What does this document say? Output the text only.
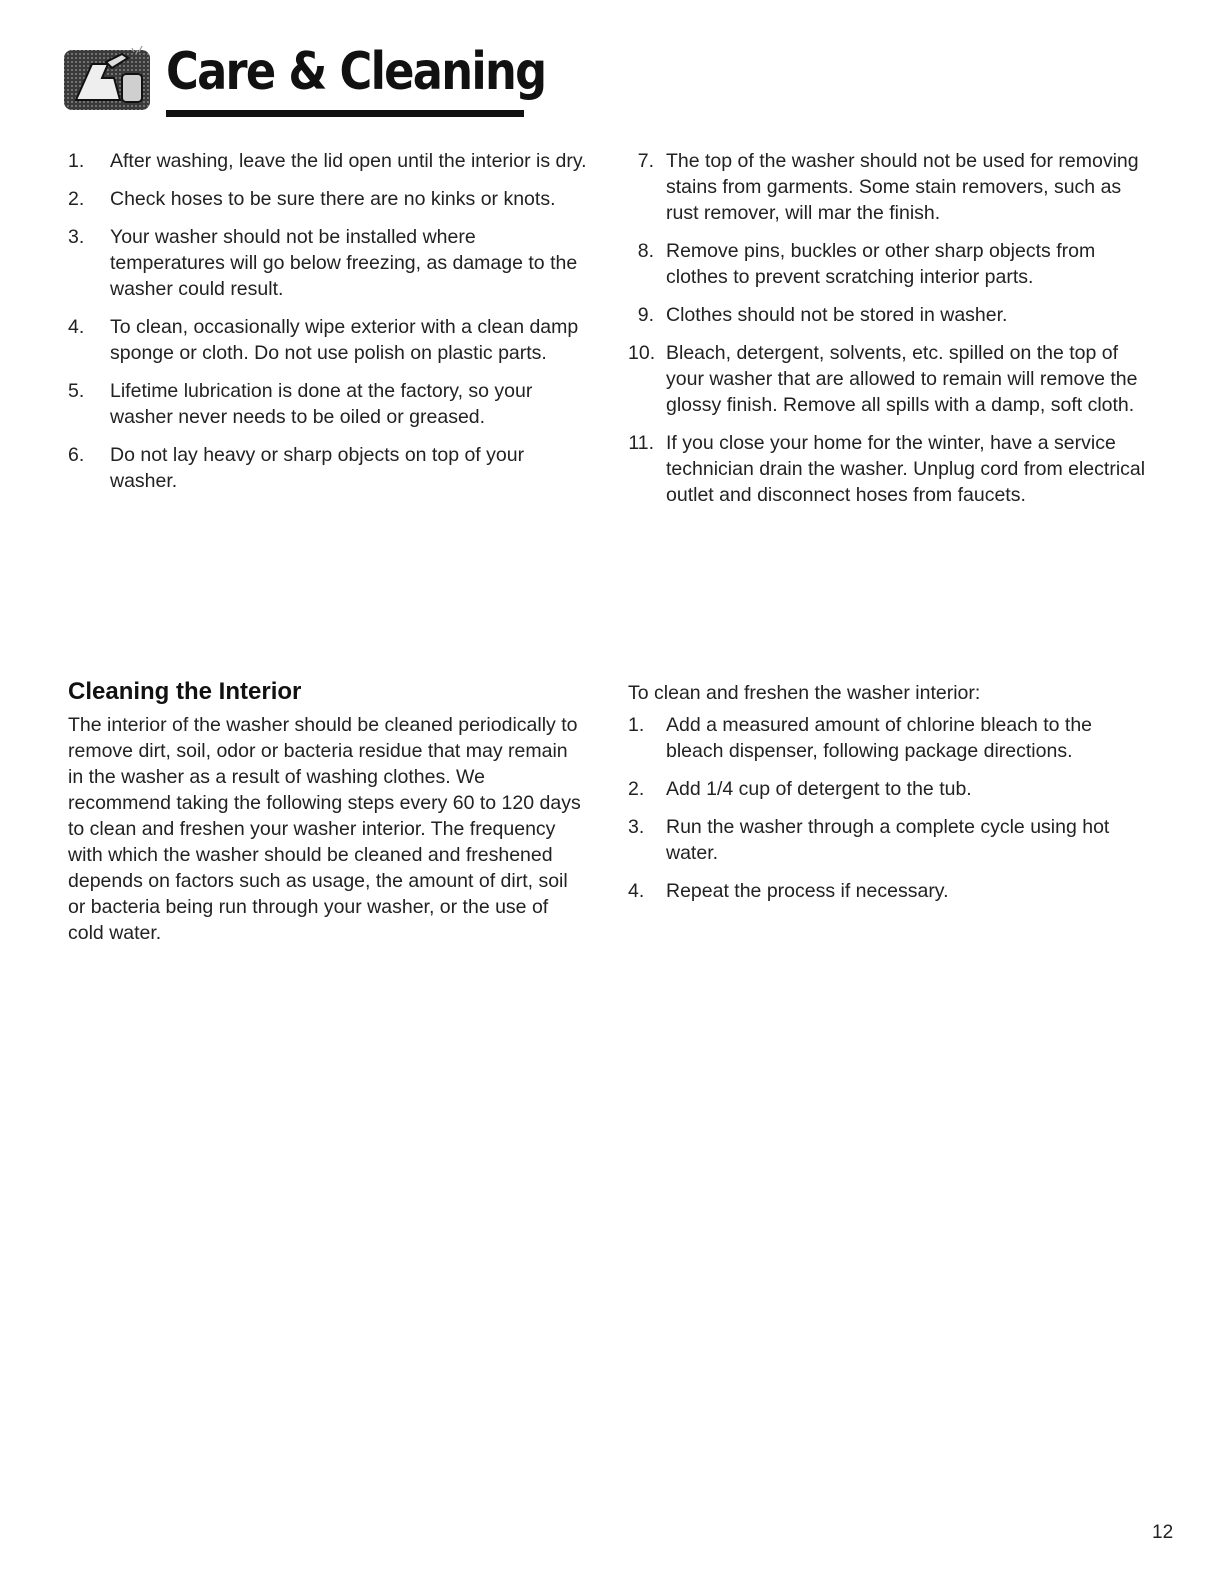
Care & Cleaning
1.	After washing, leave the lid open until the interior is dry.
2.	Check hoses to be sure there are no kinks or knots.
3.	Your washer should not be installed where temperatures will go below freezing, as damage to the washer could result.
4.	To clean, occasionally wipe exterior with a clean damp sponge or cloth. Do not use polish on plastic parts.
5.	Lifetime lubrication is done at the factory, so your washer never needs to be oiled or greased.
6.	Do not lay heavy or sharp objects on top of your washer.
7. The top of the washer should not be used for removing stains from garments. Some stain removers, such as rust remover, will mar the finish.
8. Remove pins, buckles or other sharp objects from clothes to prevent scratching interior parts.
9. Clothes should not be stored in washer.
10. Bleach, detergent, solvents, etc. spilled on the top of your washer that are allowed to remain will remove the glossy finish. Remove all spills with a damp, soft cloth.
11. If you close your home for the winter, have a service technician drain the washer. Unplug cord from electrical outlet and disconnect hoses from faucets.
Cleaning the Interior

The interior of the washer should be cleaned periodically to remove dirt, soil, odor or bacteria residue that may remain in the washer as a result of washing clothes. We recommend taking the following steps every 60 to 120 days to clean and freshen your washer interior. The frequency with which the washer should be cleaned and freshened depends on factors such as usage, the amount of dirt, soil or bacteria being run through your washer, or the use of cold water.

To clean and freshen the washer interior:

1.	Add a measured amount of chlorine bleach to the bleach dispenser, following package directions.
2.	Add 1/4 cup of detergent to the tub.
3.	Run the washer through a complete cycle using hot water.
4.	Repeat the process if necessary.
12
